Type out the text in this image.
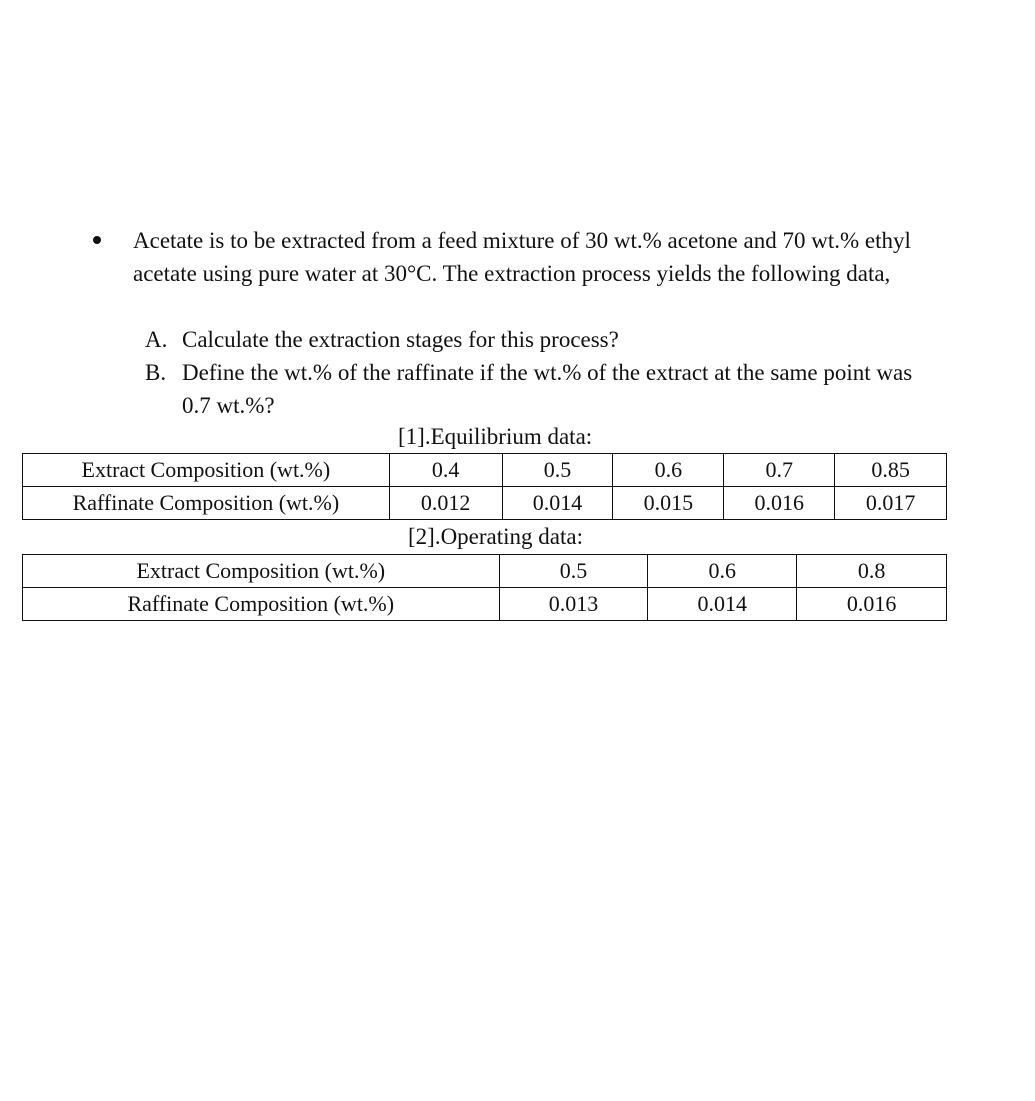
Acetate is to be extracted from a feed mixture of 30 wt.% acetone and 70 wt.% ethyl acetate using pure water at 30°C. The extraction process yields the following data,
A. Calculate the extraction stages for this process?
B. Define the wt.% of the raffinate if the wt.% of the extract at the same point was 0.7 wt.%?
[1].Equilibrium data:
Extract Composition (wt.%)	0.4	0.5	0.6	0.7	0.85
Raffinate Composition (wt.%)	0.012	0.014	0.015	0.016	0.017
[2].Operating data:
Extract Composition (wt.%)	0.5	0.6	0.8
Raffinate Composition (wt.%)	0.013	0.014	0.016
